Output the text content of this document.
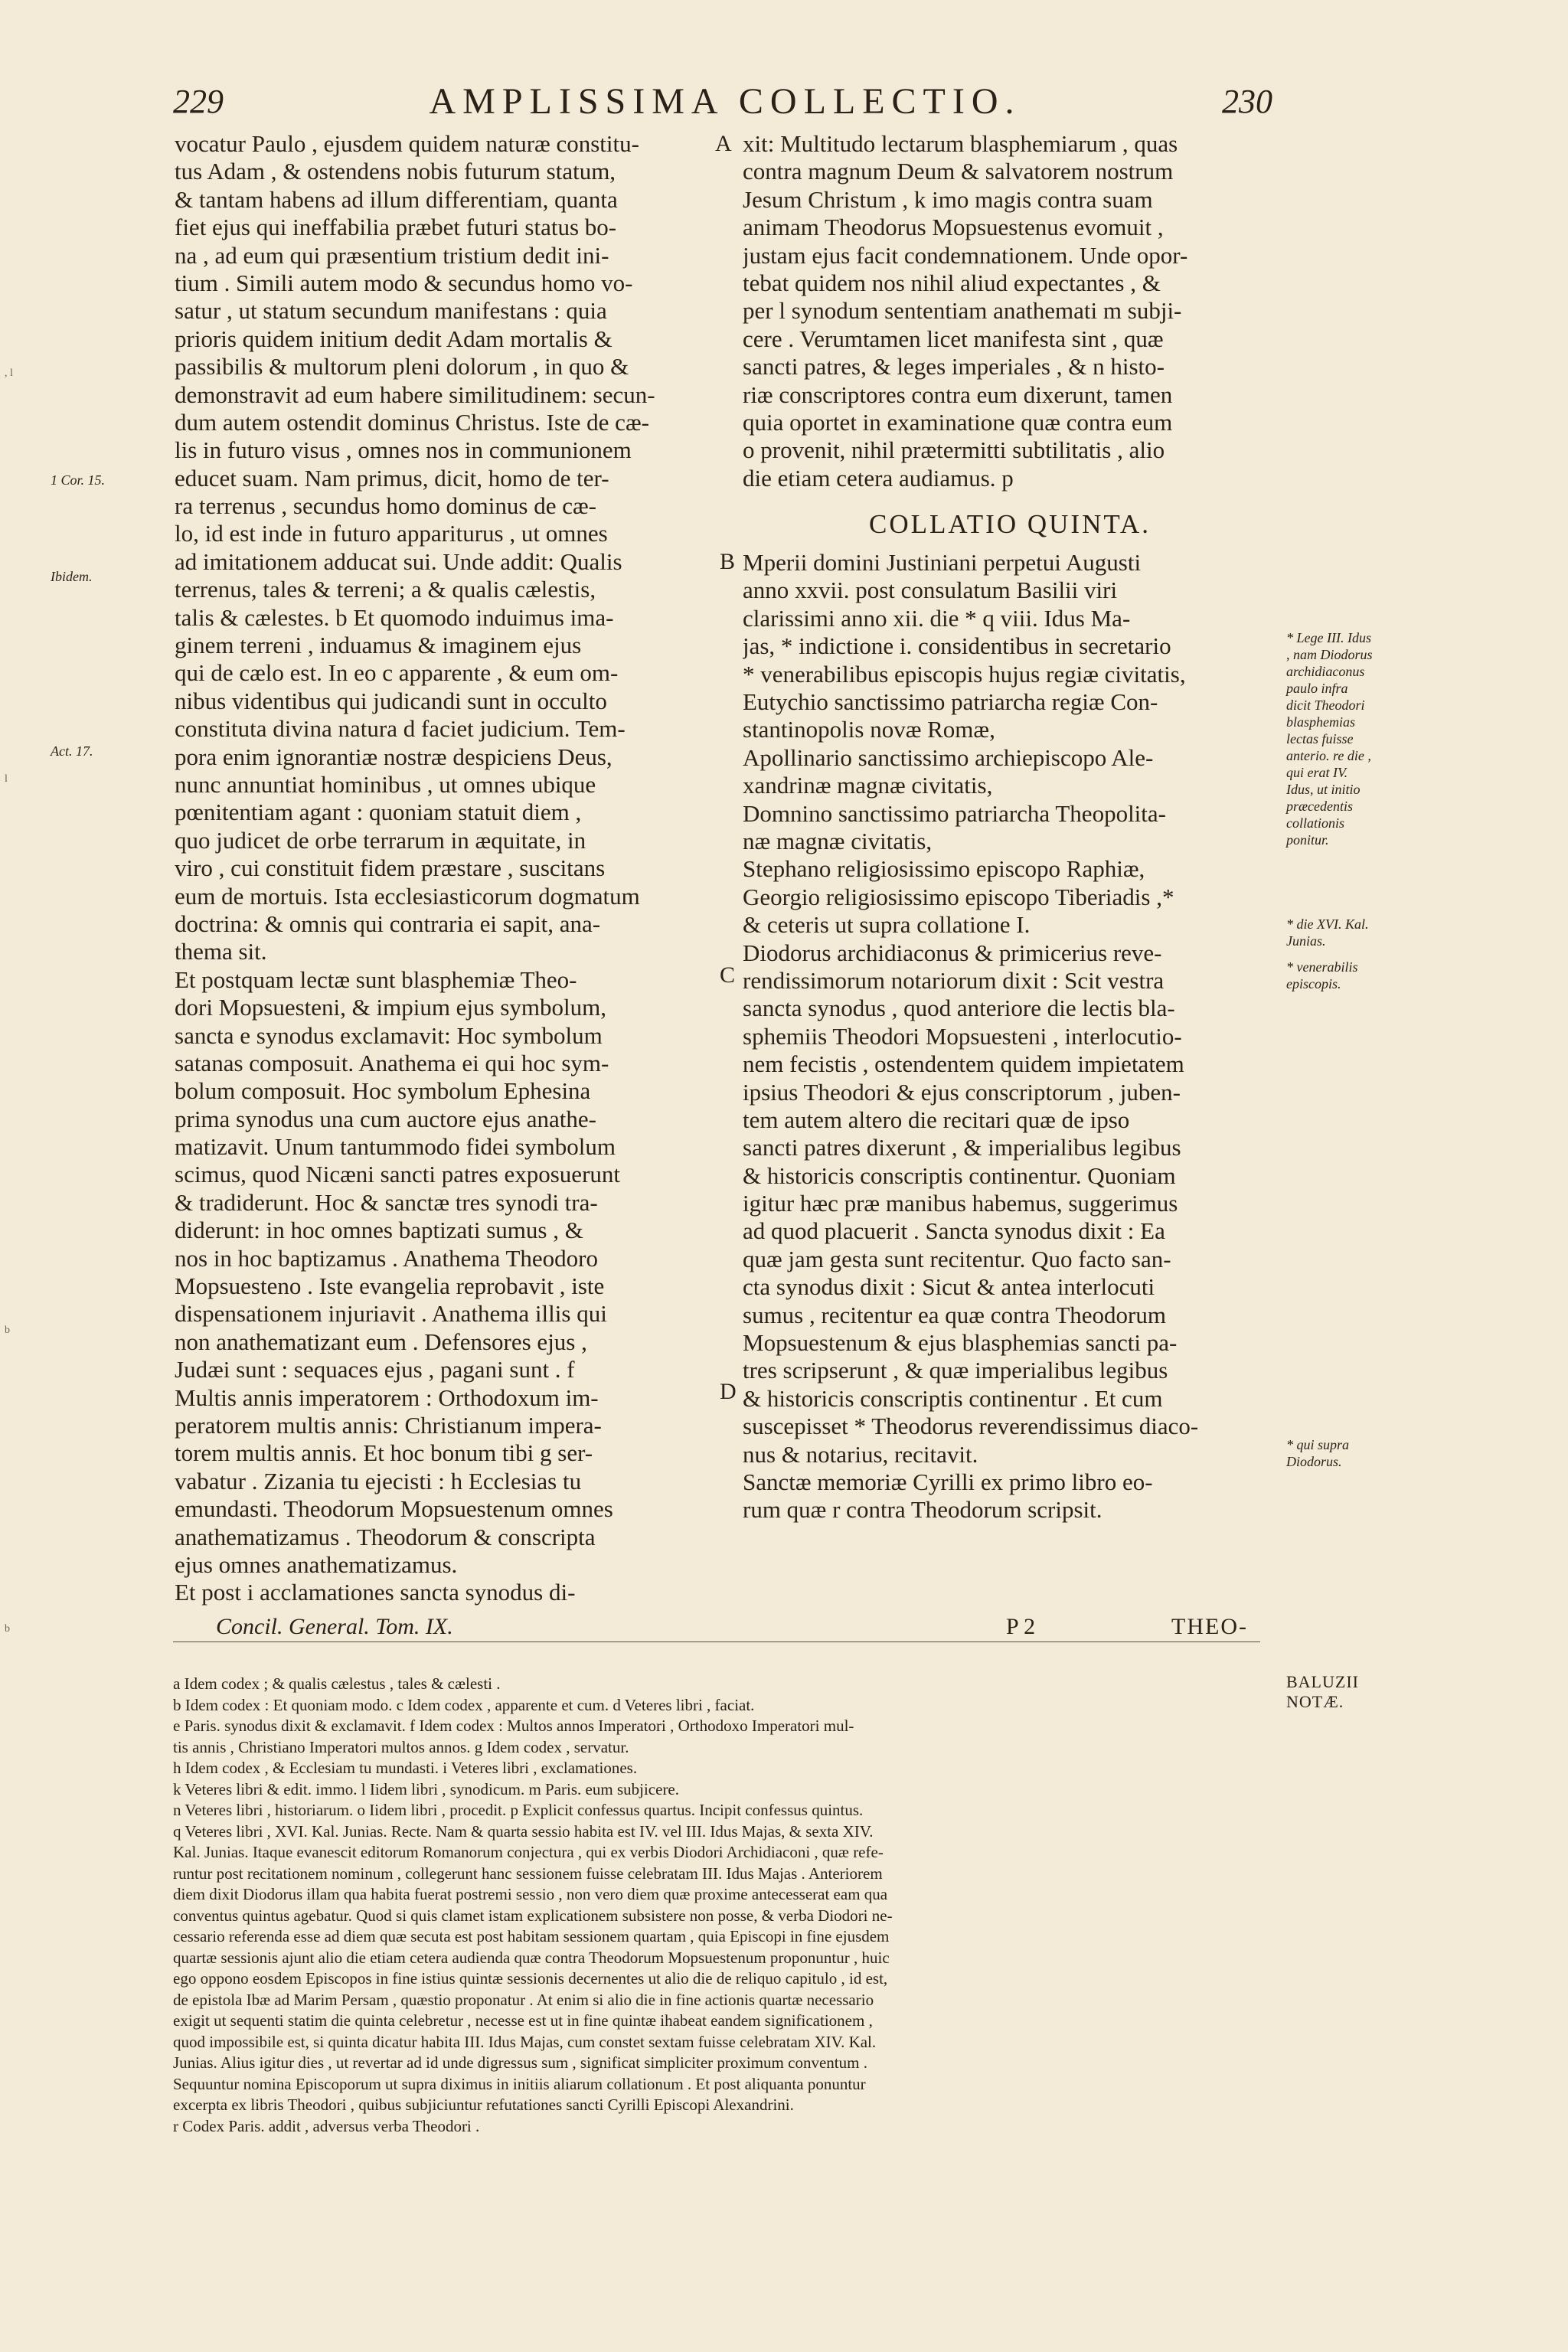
229	AMPLISSIMA COLLECTIO.	230
, l
l
b
b
1 Cor. 15.
Ibidem.
Act. 17.
A
B
C
D
vocatur Paulo , ejusdem quidem naturæ constitu-
tus Adam , & ostendens nobis futurum statum,
& tantam habens ad illum differentiam, quanta
fiet ejus qui ineffabilia præbet futuri status bo-
na , ad eum qui præsentium tristium dedit ini-
tium . Simili autem modo & secundus homo vo-
satur , ut statum secundum manifestans : quia
prioris quidem initium dedit Adam mortalis &
passibilis & multorum pleni dolorum , in quo &
demonstravit ad eum habere similitudinem: secun-
dum autem ostendit dominus Christus. Iste de cæ-
lis in futuro visus , omnes nos in communionem
educet suam. Nam primus, dicit, homo de ter-
ra terrenus , secundus homo dominus de cæ-
lo, id est inde in futuro appariturus , ut omnes
ad imitationem adducat sui. Unde addit: Qualis
terrenus, tales & terreni; a & qualis cælestis,
talis & cælestes. b Et quomodo induimus ima-
ginem terreni , induamus & imaginem ejus
qui de cælo est. In eo c apparente , & eum om-
nibus videntibus qui judicandi sunt in occulto
constituta divina natura d faciet judicium. Tem-
pora enim ignorantiæ nostræ despiciens Deus,
nunc annuntiat hominibus , ut omnes ubique
pœnitentiam agant : quoniam statuit diem ,
quo judicet de orbe terrarum in æquitate, in
viro , cui constituit fidem præstare , suscitans
eum de mortuis. Ista ecclesiasticorum dogmatum
doctrina: & omnis qui contraria ei sapit, ana-
thema sit.
Et postquam lectæ sunt blasphemiæ Theo-
dori Mopsuesteni, & impium ejus symbolum,
sancta e synodus exclamavit: Hoc symbolum
satanas composuit. Anathema ei qui hoc sym-
bolum composuit. Hoc symbolum Ephesina
prima synodus una cum auctore ejus anathe-
matizavit. Unum tantummodo fidei symbolum
scimus, quod Nicæni sancti patres exposuerunt
& tradiderunt. Hoc & sanctæ tres synodi tra-
diderunt: in hoc omnes baptizati sumus , &
nos in hoc baptizamus . Anathema Theodoro
Mopsuesteno . Iste evangelia reprobavit , iste
dispensationem injuriavit . Anathema illis qui
non anathematizant eum . Defensores ejus ,
Judæi sunt : sequaces ejus , pagani sunt . f
Multis annis imperatorem : Orthodoxum im-
peratorem multis annis: Christianum impera-
torem multis annis. Et hoc bonum tibi g ser-
vabatur . Zizania tu ejecisti : h Ecclesias tu
emundasti. Theodorum Mopsuestenum omnes
anathematizamus . Theodorum & conscripta
ejus omnes anathematizamus.
Et post i acclamationes sancta synodus di-
xit: Multitudo lectarum blasphemiarum , quas
contra magnum Deum & salvatorem nostrum
Jesum Christum , k imo magis contra suam
animam Theodorus Mopsuestenus evomuit ,
justam ejus facit condemnationem. Unde opor-
tebat quidem nos nihil aliud expectantes , &
per l synodum sententiam anathemati m subji-
cere . Verumtamen licet manifesta sint , quæ
sancti patres, & leges imperiales , & n histo-
riæ conscriptores contra eum dixerunt, tamen
quia oportet in examinatione quæ contra eum
o provenit, nihil prætermitti subtilitatis , alio
die etiam cetera audiamus. p
COLLATIO QUINTA.
Mperii domini Justiniani perpetui Augusti
anno xxvii. post consulatum Basilii viri
clarissimi anno xii. die * q viii. Idus Ma-
jas, * indictione i. considentibus in secretario
* venerabilibus episcopis hujus regiæ civitatis,
Eutychio sanctissimo patriarcha regiæ Con-
stantinopolis novæ Romæ,
Apollinario sanctissimo archiepiscopo Ale-
xandrinæ magnæ civitatis,
Domnino sanctissimo patriarcha Theopolita-
næ magnæ civitatis,
Stephano religiosissimo episcopo Raphiæ,
Georgio religiosissimo episcopo Tiberiadis ,*
& ceteris ut supra collatione I.
Diodorus archidiaconus & primicerius reve-
rendissimorum notariorum dixit : Scit vestra
sancta synodus , quod anteriore die lectis bla-
sphemiis Theodori Mopsuesteni , interlocutio-
nem fecistis , ostendentem quidem impietatem
ipsius Theodori & ejus conscriptorum , juben-
tem autem altero die recitari quæ de ipso
sancti patres dixerunt , & imperialibus legibus
& historicis conscriptis continentur. Quoniam
igitur hæc præ manibus habemus, suggerimus
ad quod placuerit . Sancta synodus dixit : Ea
quæ jam gesta sunt recitentur. Quo facto san-
cta synodus dixit : Sicut & antea interlocuti
sumus , recitentur ea quæ contra Theodorum
Mopsuestenum & ejus blasphemias sancti pa-
tres scripserunt , & quæ imperialibus legibus
& historicis conscriptis continentur . Et cum
suscepisset * Theodorus reverendissimus diaco-
nus & notarius, recitavit.
Sanctæ memoriæ Cyrilli ex primo libro eo-
rum quæ r contra Theodorum scripsit.
* Lege III. Idus , nam Diodorus archidiaconus paulo infra dicit Theodori blasphemias lectas fuisse anterio. re die , qui erat IV. Idus, ut initio præcedentis collationis ponitur.
* die XVI. Kal. Junias.
* venerabilis episcopis.
* qui supra Diodorus.
Concil. General. Tom. IX.	P 2	THEO-
a Idem codex ; & qualis cælestus , tales & cælesti .
b Idem codex : Et quoniam modo. c Idem codex , apparente et cum. d Veteres libri , faciat.
e Paris. synodus dixit & exclamavit. f Idem codex : Multos annos Imperatori , Orthodoxo Imperatori mul-
tis annis , Christiano Imperatori multos annos. g Idem codex , servatur.
h Idem codex , & Ecclesiam tu mundasti. i Veteres libri , exclamationes.
k Veteres libri & edit. immo. l Iidem libri , synodicum. m Paris. eum subjicere.
n Veteres libri , historiarum. o Iidem libri , procedit. p Explicit confessus quartus. Incipit confessus quintus.
q Veteres libri , XVI. Kal. Junias. Recte. Nam & quarta sessio habita est IV. vel III. Idus Majas, & sexta XIV.
Kal. Junias. Itaque evanescit editorum Romanorum conjectura , qui ex verbis Diodori Archidiaconi , quæ refe-
runtur post recitationem nominum , collegerunt hanc sessionem fuisse celebratam III. Idus Majas . Anteriorem
diem dixit Diodorus illam qua habita fuerat postremi sessio , non vero diem quæ proxime antecesserat eam qua
conventus quintus agebatur. Quod si quis clamet istam explicationem subsistere non posse, & verba Diodori ne-
cessario referenda esse ad diem quæ secuta est post habitam sessionem quartam , quia Episcopi in fine ejusdem
quartæ sessionis ajunt alio die etiam cetera audienda quæ contra Theodorum Mopsuestenum proponuntur , huic
ego oppono eosdem Episcopos in fine istius quintæ sessionis decernentes ut alio die de reliquo capitulo , id est,
de epistola Ibæ ad Marim Persam , quæstio proponatur . At enim si alio die in fine actionis quartæ necessario
exigit ut sequenti statim die quinta celebretur , necesse est ut in fine quintæ ihabeat eandem significationem ,
quod impossibile est, si quinta dicatur habita III. Idus Majas, cum constet sextam fuisse celebratam XIV. Kal.
Junias. Alius igitur dies , ut revertar ad id unde digressus sum , significat simpliciter proximum conventum .
Sequuntur nomina Episcoporum ut supra diximus in initiis aliarum collationum . Et post aliquanta ponuntur
excerpta ex libris Theodori , quibus subjiciuntur refutationes sancti Cyrilli Episcopi Alexandrini.
r Codex Paris. addit , adversus verba Theodori .
BALUZII
NOTÆ.
